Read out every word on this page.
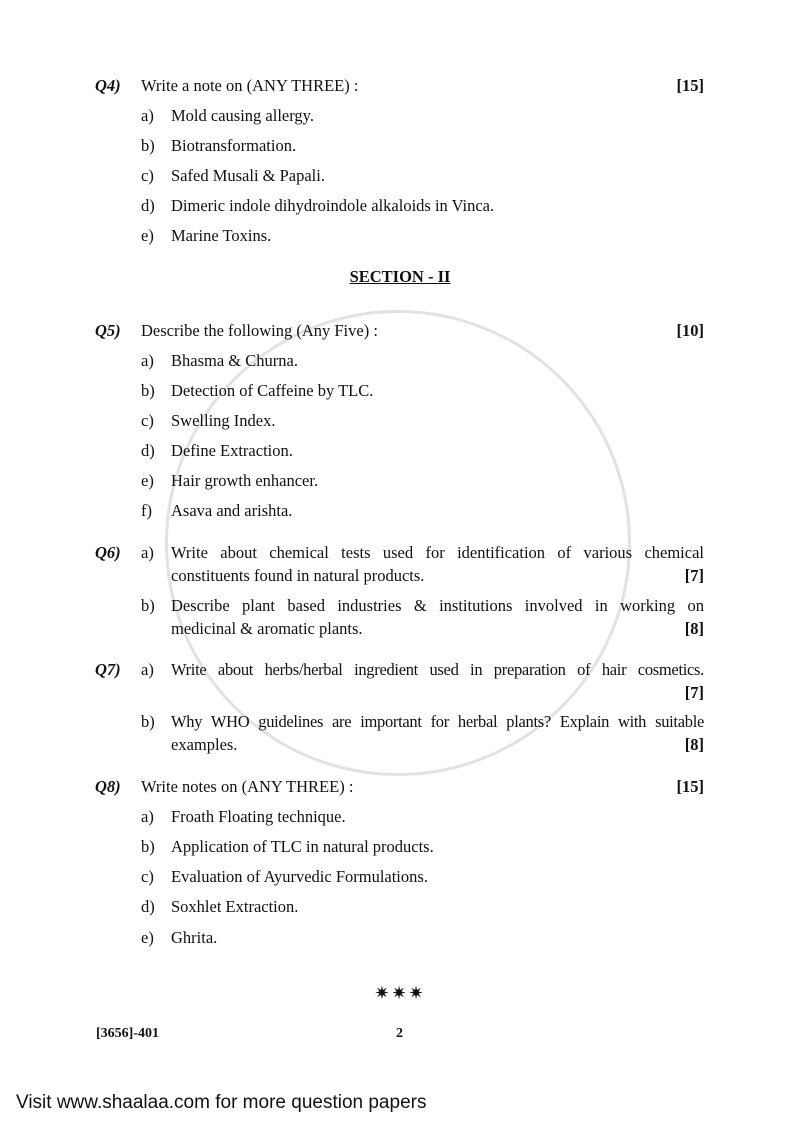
Q4) Write a note on (ANY THREE) :	[15]
a) Mold causing allergy.
b) Biotransformation.
c) Safed Musali & Papali.
d) Dimeric indole dihydroindole alkaloids in Vinca.
e) Marine Toxins.
SECTION - II
Q5) Describe the following (Any Five) :	[10]
a) Bhasma & Churna.
b) Detection of Caffeine by TLC.
c) Swelling Index.
d) Define Extraction.
e) Hair growth enhancer.
f) Asava and arishta.
Q6) a) Write about chemical tests used for identification of various chemical
constituents found in natural products.	[7]
b) Describe plant based industries & institutions involved in working on
medicinal & aromatic plants.	[8]
Q7) a) Write about herbs/herbal ingredient used in preparation of hair cosmetics.
[7]
b) Why WHO guidelines are important for herbal plants? Explain with suitable
examples.	[8]
Q8) Write notes on (ANY THREE) :	[15]
a) Froath Floating technique.
b) Application of TLC in natural products.
c) Evaluation of Ayurvedic Formulations.
d) Soxhlet Extraction.
e) Ghrita.
✷✷✷
[3656]-401	2
Visit www.shaalaa.com for more question papers
